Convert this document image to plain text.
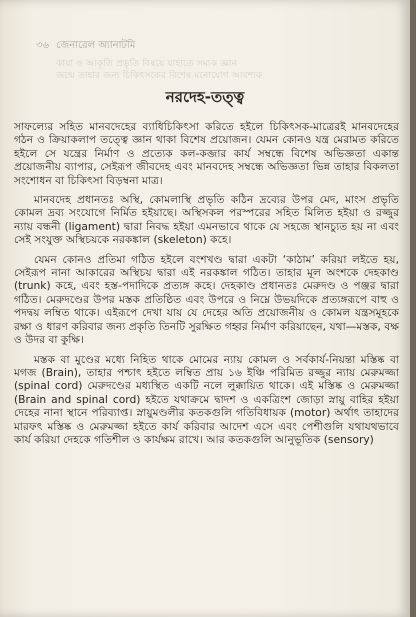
৩৬ জেনারেল অ্যানাটমি
কায়া ও আকৃতি প্রভৃতি বিষয়ে যাহাতে সম্যক জ্ঞান
জন্মে তাহার জন্য চিকিৎসকের বিশেষ মনোযোগ আবশ্যক
নরদেহ-তত্ত্ব

সাফল্যের সহিত মানবদেহের ব্যাধিচিকিৎসা করিতে হইলে চিকিৎসক-মাত্রেরই মানবদেহের গঠন ও ক্রিয়াকলাপ তত্ত্বে জ্ঞান থাকা বিশেষ প্রয়োজন। যেমন কোনও যন্ত্র মেরামত করিতে হইলে সে যন্ত্রের নির্মাণ ও প্রত্যেক কল-কব্জার কার্য সম্বন্ধে বিশেষ অভিজ্ঞতা একান্ত প্রয়োজনীয় ব্যাপার, সেইরূপ জীবদেহ এবং মানবদেহ সম্বন্ধে অভিজ্ঞতা ভিন্ন তাহার বিকলতা সংশোধন বা চিকিৎসা বিড়ম্বনা মাত্র।

মানবদেহ প্রধানতঃ অস্থি, কোমলাস্থি প্রভৃতি কঠিন দ্রব্যের উপর মেদ, মাংস প্রভৃতি কোমল দ্রব্য সংযোগে নির্মিত হইয়াছে। অস্থিসকল পরস্পরের সহিত মিলিত হইয়া ও রজ্জুর ন্যায় বন্ধনী (ligament) দ্বারা নিবদ্ধ হইয়া এমনভাবে থাকে যে সহজে স্থানচ্যুত হয় না এবং সেই সংযুক্ত অস্থিচয়কে নরকঙ্কাল (skeleton) কহে।

যেমন কোনও প্রতিমা গঠিত হইলে বংশখণ্ড দ্বারা একটা ‘কাঠাম’ করিয়া লইতে হয়, সেইরূপ নানা আকারের অস্থিচয় দ্বারা এই নরকঙ্কাল গঠিত। তাহার মূল অংশকে দেহকাণ্ড (trunk) কহে, এবং হস্ত-পদাদিকে প্রত্যঙ্গ কহে। দেহকাণ্ড প্রধানতঃ মেরুদণ্ড ও পঞ্জর দ্বারা গঠিত। মেরুদণ্ডের উপর মস্তক প্রতিষ্ঠিত এবং উপরে ও নিম্নে উভয়দিকে প্রত্যঙ্গরূপে বাহু ও পদদ্বয় লম্বিত থাকে। এইরূপে দেখা যায় যে দেহের অতি প্রয়োজনীয় ও কোমল যন্ত্রসমূহকে রক্ষা ও ধারণ করিবার জন্য প্রকৃতি তিনটি সুরক্ষিত গহ্বর নির্মাণ করিয়াছেন, যথা—মস্তক, বক্ষ ও উদর বা কুক্ষি।

মস্তক বা মুণ্ডের মধ্যে নিহিত থাকে মোমের ন্যায় কোমল ও সর্বকার্য-নিয়ন্তা মস্তিষ্ক বা মগজ (Brain), তাহার পশ্চাৎ হইতে লম্বিত প্রায় ১৬ ইঞ্চি পরিমিত রজ্জুর ন্যায় মেরুমজ্জা (spinal cord) মেরুদণ্ডের মধ্যস্থিত একটি নলে লুক্কায়িত থাকে। এই মস্তিষ্ক ও মেরুমজ্জা (Brain and spinal cord) হইতে যথাক্রমে দ্বাদশ ও একত্রিংশ জোড়া স্নায়ু বাহির হইয়া দেহের নানা স্থানে পরিব্যাপ্ত। স্নায়ুমণ্ডলীর কতকগুলি গতিবিধায়ক (motor) অর্থাৎ তাহাদের মারফৎ মস্তিষ্ক ও মেরুমজ্জা হইতে কার্য করিবার আদেশ এসে এবং পেশীগুলি যথাযথভাবে কার্য করিয়া দেহকে গতিশীল ও কার্যক্ষম রাখে। আর কতকগুলি আনুভূতিক (sensory)
